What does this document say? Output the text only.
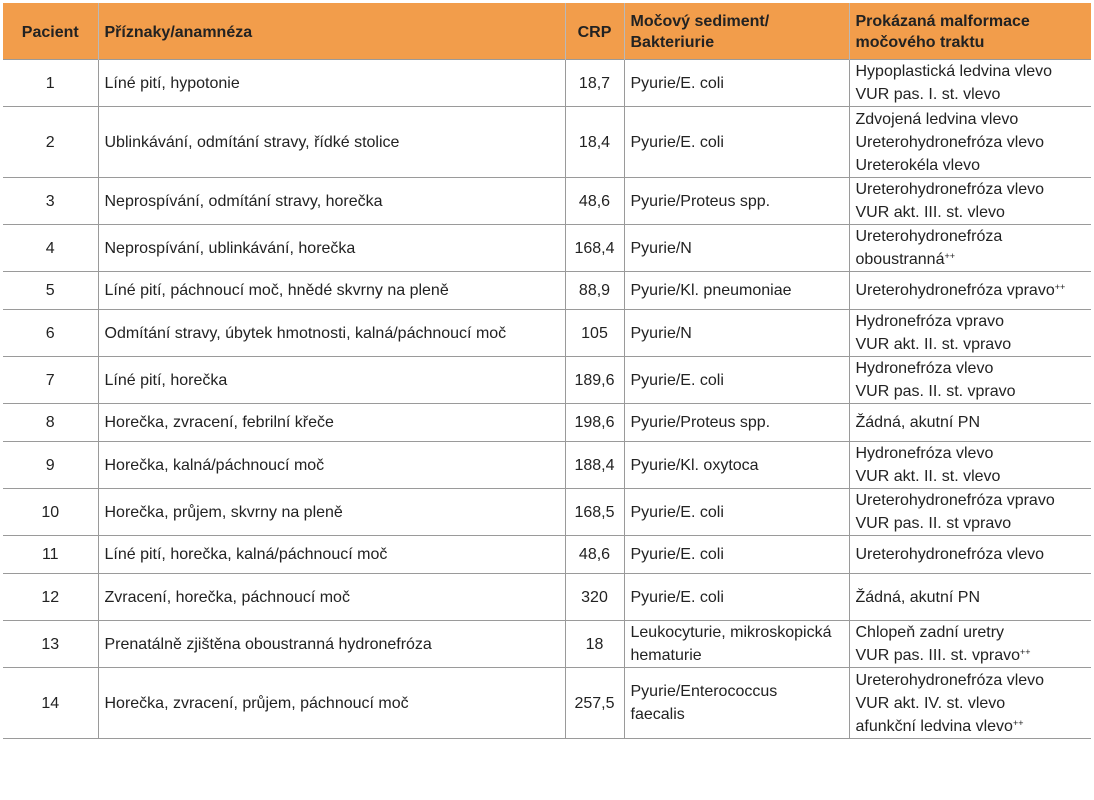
Pacient	Příznaky/anamnéza	CRP	Močový sediment/
Bakteriurie	Prokázaná malformace
močového traktu

1	Líné pití, hypotonie	18,7	Pyurie/E. coli	Hypoplastická ledvina vlevo
VUR pas. I. st. vlevo

2	Ublinkávání, odmítání stravy, řídké stolice	18,4	Pyurie/E. coli	Zdvojená ledvina vlevo
Ureterohydronefróza vlevo
Ureterokéla vlevo

3	Neprospívání, odmítání stravy, horečka	48,6	Pyurie/Proteus spp.	Ureterohydronefróza vlevo
VUR akt. III. st. vlevo

4	Neprospívání, ublinkávání, horečka	168,4	Pyurie/N	Ureterohydronefróza
oboustranná++

5	Líné pití, páchnoucí moč, hnědé skvrny na pleně	88,9	Pyurie/Kl. pneumoniae	Ureterohydronefróza vpravo++

6	Odmítání stravy, úbytek hmotnosti, kalná/páchnoucí moč	105	Pyurie/N	Hydronefróza vpravo
VUR akt. II. st. vpravo

7	Líné pití, horečka	189,6	Pyurie/E. coli	Hydronefróza vlevo
VUR pas. II. st. vpravo

8	Horečka, zvracení, febrilní křeče	198,6	Pyurie/Proteus spp.	Žádná, akutní PN

9	Horečka, kalná/páchnoucí moč	188,4	Pyurie/Kl. oxytoca	Hydronefróza vlevo
VUR akt. II. st. vlevo

10	Horečka, průjem, skvrny na pleně	168,5	Pyurie/E. coli	Ureterohydronefróza vpravo
VUR pas. II. st vpravo

11	Líné pití, horečka, kalná/páchnoucí moč	48,6	Pyurie/E. coli	Ureterohydronefróza vlevo

12	Zvracení, horečka, páchnoucí moč	320	Pyurie/E. coli	Žádná, akutní PN

13	Prenatálně zjištěna oboustranná hydronefróza	18	Leukocyturie, mikroskopická
hematurie	Chlopeň zadní uretry
VUR pas. III. st. vpravo++

14	Horečka, zvracení, průjem, páchnoucí moč	257,5	Pyurie/Enterococcus
faecalis	Ureterohydronefróza vlevo
VUR akt. IV. st. vlevo
afunkční ledvina vlevo++
